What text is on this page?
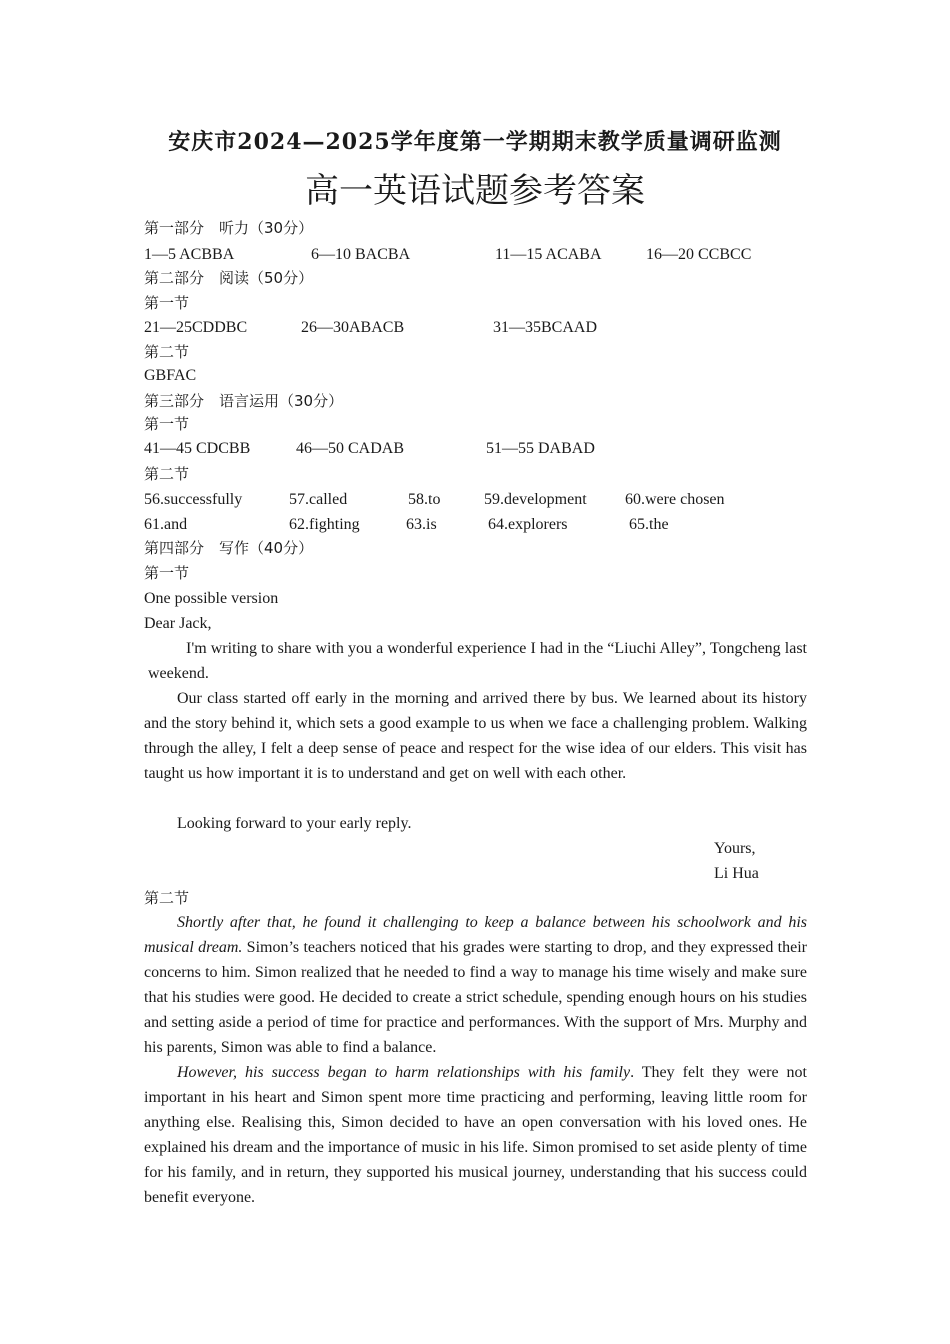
安庆市2024—2025学年度第一学期期末教学质量调研监测
高一英语试题参考答案
第一部分　听力（30分）
1—5 ACBBA	6—10 BACBA	11—15 ACABA	16—20 CCBCC
第二部分　阅读（50分）
第一节
21—25CDDBC	26—30ABACB	31—35BCAAD
第二节
GBFAC
第三部分　语言运用（30分）
第一节
41—45 CDCBB	46—50 CADAB	51—55 DABAD
第二节
56.successfully	57.called	58.to	59.development 60.were chosen
61.and	62.fighting	63.is	64.explorers	65.the
第四部分　写作（40分）
第一节
One possible version
Dear Jack,

I'm writing to share with you a wonderful experience I had in the “Liuchi Alley”, Tongcheng last weekend.

Our class started off early in the morning and arrived there by bus. We learned about its history and the story behind it, which sets a good example to us when we face a challenging problem. Walking through the alley, I felt a deep sense of peace and respect for the wise idea of our elders. This visit has taught us how important it is to understand and get on well with each other.

Looking forward to your early reply.

Yours,
Li Hua
第二节

Shortly after that, he found it challenging to keep a balance between his schoolwork and his musical dream. Simon’s teachers noticed that his grades were starting to drop, and they expressed their concerns to him. Simon realized that he needed to find a way to manage his time wisely and make sure that his studies were good. He decided to create a strict schedule, spending enough hours on his studies and setting aside a period of time for practice and performances. With the support of Mrs. Murphy and his parents, Simon was able to find a balance.

However, his success began to harm relationships with his family. They felt they were not important in his heart and Simon spent more time practicing and performing, leaving little room for anything else. Realising this, Simon decided to have an open conversation with his loved ones. He explained his dream and the importance of music in his life. Simon promised to set aside plenty of time for his family, and in return, they supported his musical journey, understanding that his success could benefit everyone.
